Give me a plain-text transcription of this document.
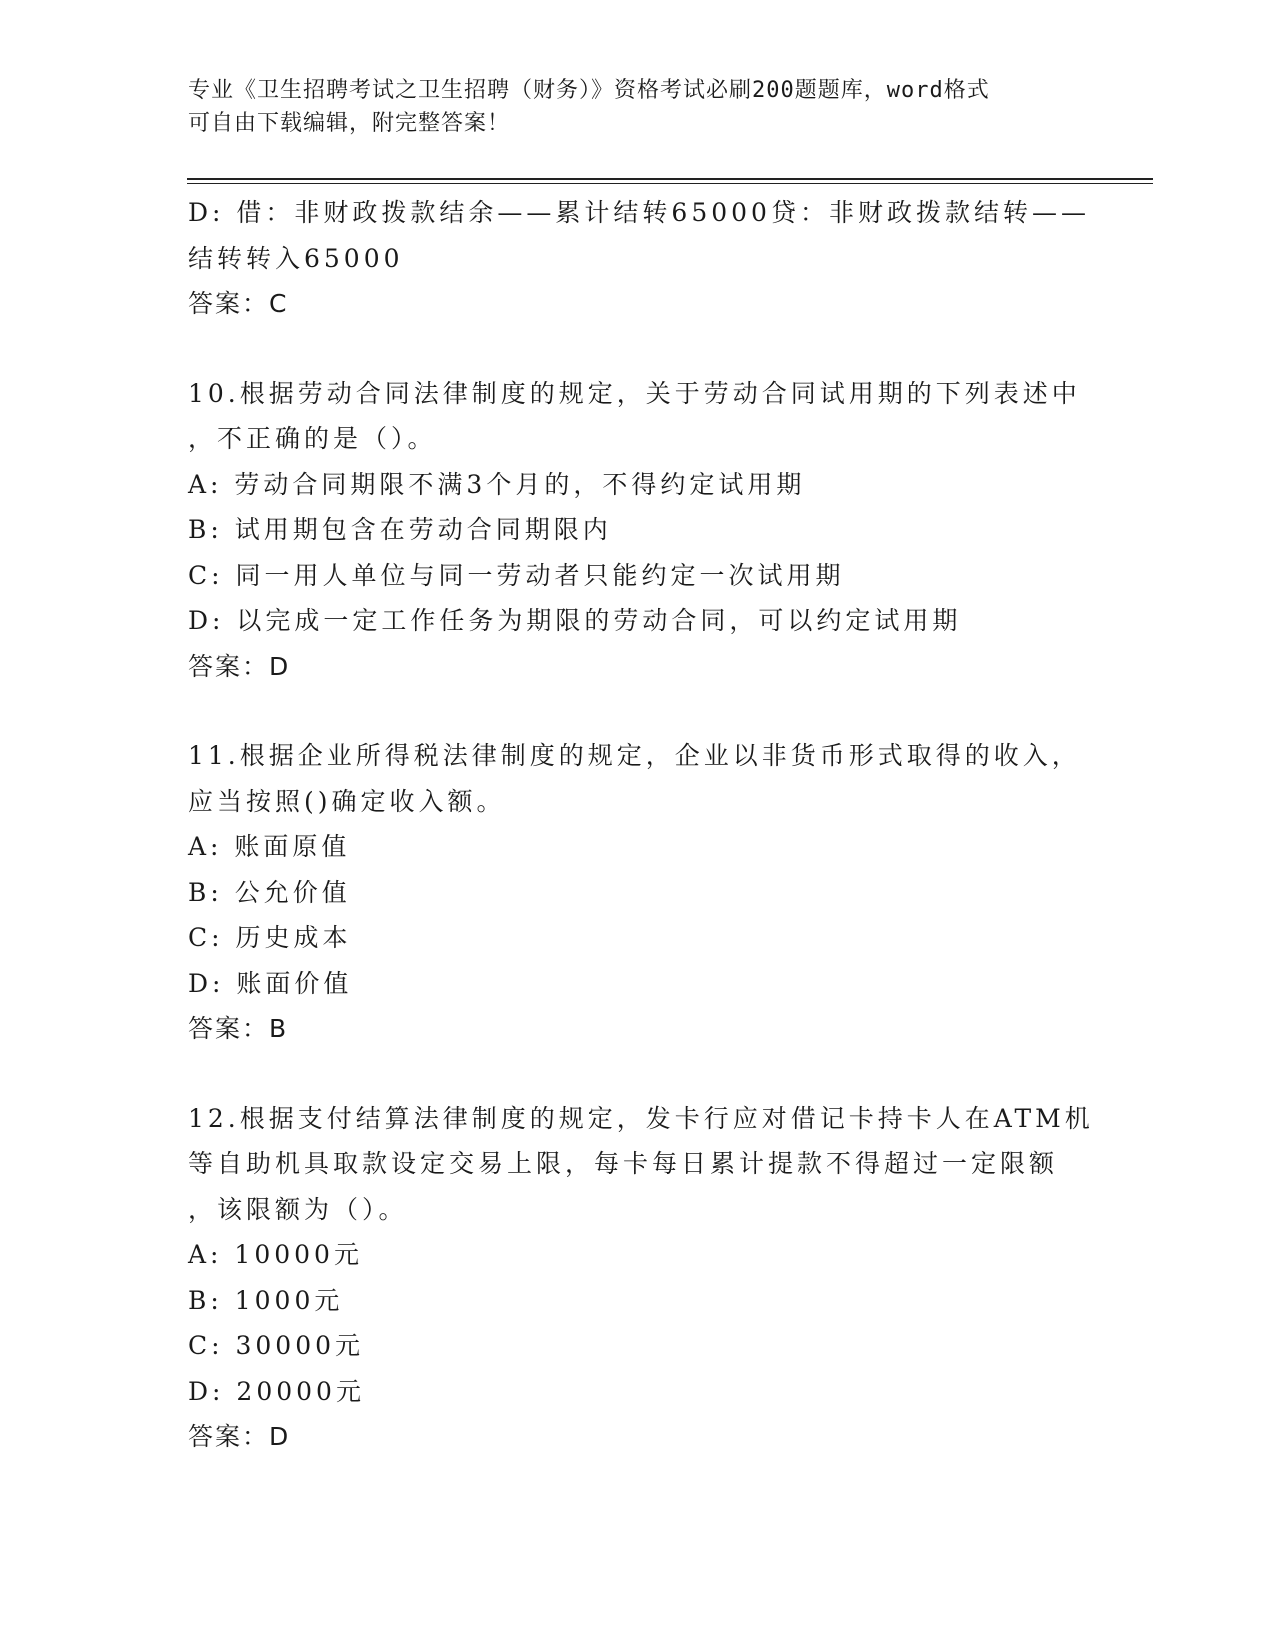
专业《卫生招聘考试之卫生招聘（财务）》资格考试必刷200题题库，word格式
可自由下载编辑，附完整答案！
D: 借：非财政拨款结余——累计结转65000贷：非财政拨款结转——
结转转入65000
答案：C
10.根据劳动合同法律制度的规定，关于劳动合同试用期的下列表述中
，不正确的是（）。
A: 劳动合同期限不满3个月的，不得约定试用期
B: 试用期包含在劳动合同期限内
C: 同一用人单位与同一劳动者只能约定一次试用期
D: 以完成一定工作任务为期限的劳动合同，可以约定试用期
答案：D
11.根据企业所得税法律制度的规定，企业以非货币形式取得的收入，
应当按照()确定收入额。
A: 账面原值
B: 公允价值
C: 历史成本
D: 账面价值
答案：B
12.根据支付结算法律制度的规定，发卡行应对借记卡持卡人在ATM机
等自助机具取款设定交易上限，每卡每日累计提款不得超过一定限额
，该限额为（）。
A: 10000元
B: 1000元
C: 30000元
D: 20000元
答案：D
